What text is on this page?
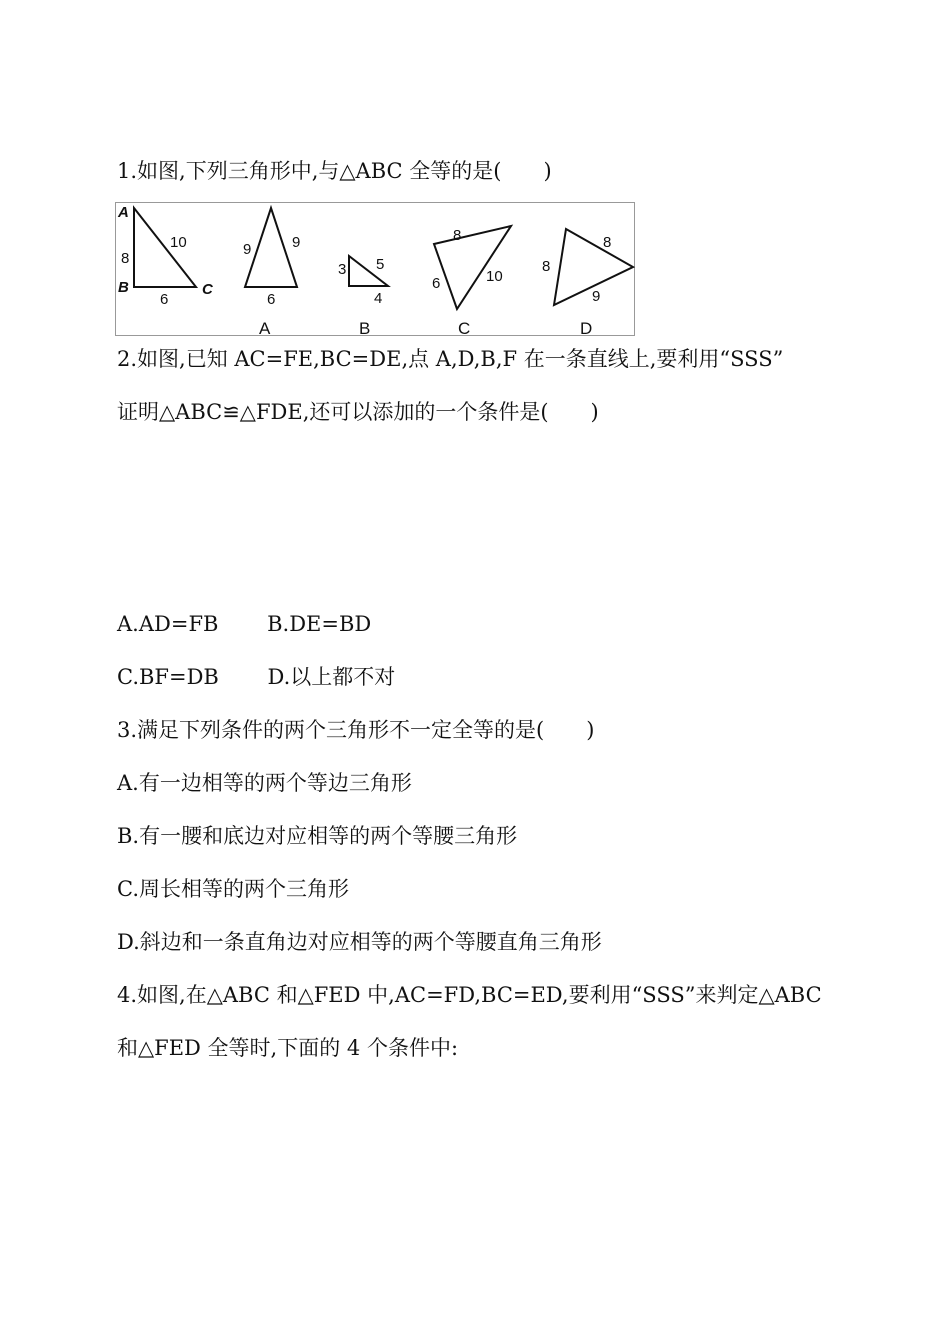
1.如图,下列三角形中,与△ABC 全等的是(　　)
A
B	C
8
10
6
9	9
6
3 5
4
8
6	10
8
8
9
A	B	C	D
2.如图,已知 AC=FE,BC=DE,点 A,D,B,F 在一条直线上,要利用“SSS”
证明△ABC≌△FDE,还可以添加的一个条件是(　　)
A.AD=FB　　 B.DE=BD
C.BF=DB　　 D.以上都不对
3.满足下列条件的两个三角形不一定全等的是(　　)
A.有一边相等的两个等边三角形
B.有一腰和底边对应相等的两个等腰三角形
C.周长相等的两个三角形
D.斜边和一条直角边对应相等的两个等腰直角三角形
4.如图,在△ABC 和△FED 中,AC=FD,BC=ED,要利用“SSS”来判定△ABC
和△FED 全等时,下面的 4 个条件中:
